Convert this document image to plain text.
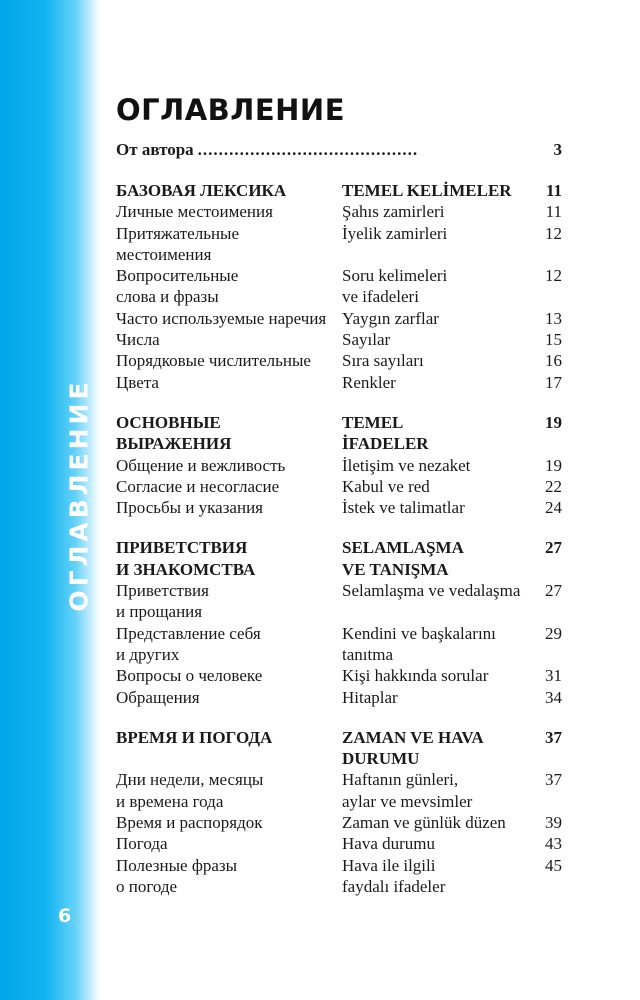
ОГЛАВЛЕНИЕ
6
ОГЛАВЛЕНИЕ
От автора ..........................................	3
БАЗОВАЯ ЛЕКСИКА	TEMEL KELİMELER	11
Личные местоимения	Şahıs zamirleri	11
Притяжательные	İyelik zamirleri	12
местоимения
Вопросительные	Soru kelimeleri	12
слова и фразы	ve ifadeleri
Часто используемые наречия Yaygın zarflar	13
Числа	Sayılar	15
Порядковые числительные	Sıra sayıları	16
Цвета	Renkler	17
ОСНОВНЫЕ	TEMEL	19
ВЫРАЖЕНИЯ	İFADELER
Общение и вежливость	İletişim ve nezaket	19
Согласие и несогласие	Kabul ve red	22
Просьбы и указания	İstek ve talimatlar	24
ПРИВЕТСТВИЯ	SELAMLAŞMA	27
И ЗНАКОМСТВА	VE TANIŞMA
Приветствия	Selamlaşma ve vedalaşma	27
и прощания
Представление себя	Kendini ve başkalarını	29
и других	tanıtma
Вопросы о человеке	Kişi hakkında sorular	31
Обращения	Hitaplar	34
ВРЕМЯ И ПОГОДА	ZAMAN VE HAVA	37
DURUMU
Дни недели, месяцы	Haftanın günleri,	37
и времена года	aylar ve mevsimler
Время и распорядок	Zaman ve günlük düzen	39
Погода	Hava durumu	43
Полезные фразы	Hava ile ilgili	45
о погоде	faydalı ifadeler
